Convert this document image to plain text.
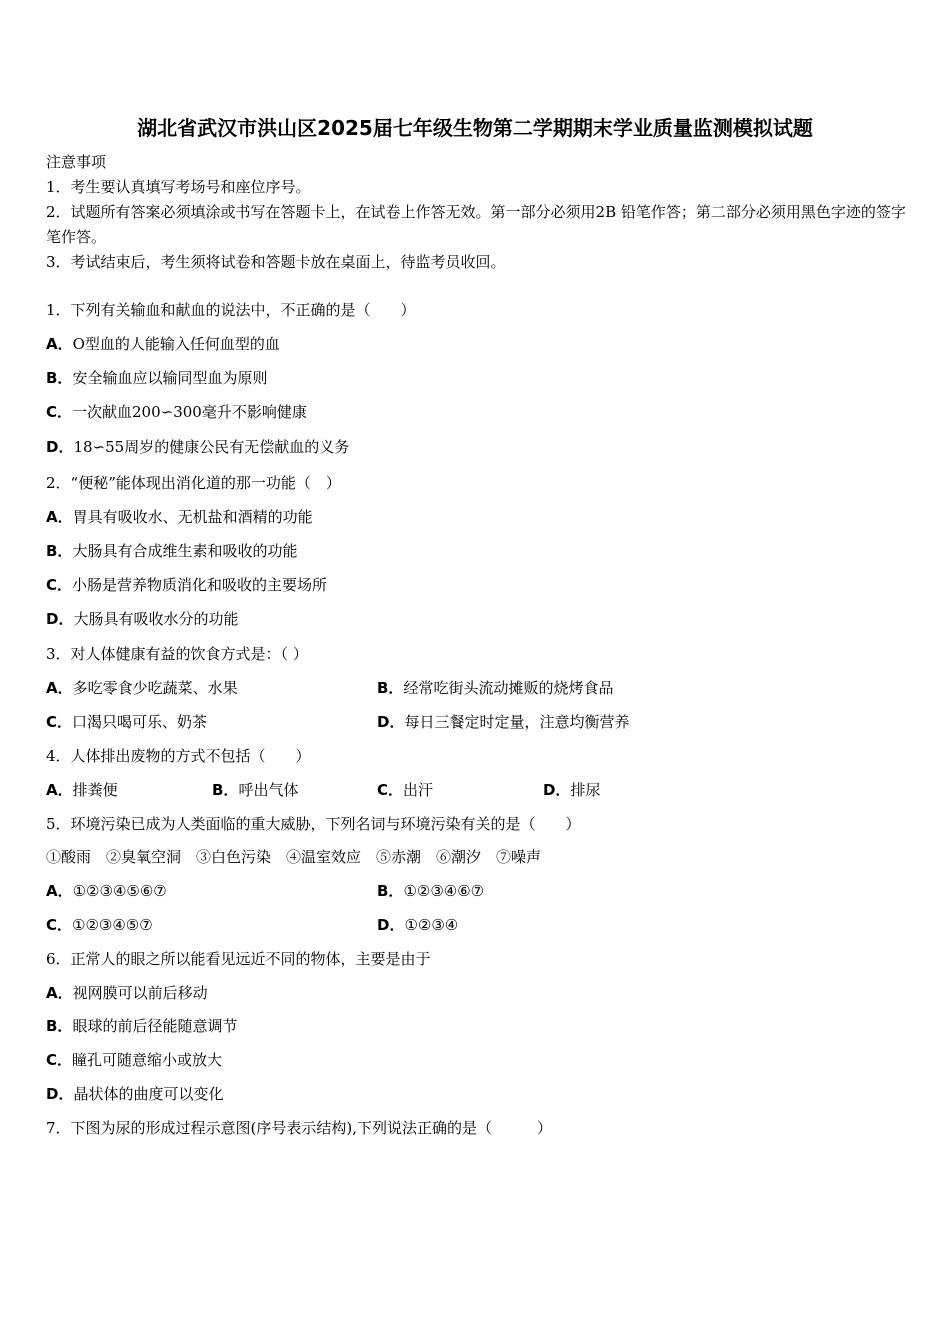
湖北省武汉市洪山区2025届七年级生物第二学期期末学业质量监测模拟试题
注意事项
1．考生要认真填写考场号和座位序号。
2．试题所有答案必须填涂或书写在答题卡上，在试卷上作答无效。第一部分必须用2B 铅笔作答；第二部分必须用黑色字迹的签字笔作答。
3．考试结束后，考生须将试卷和答题卡放在桌面上，待监考员收回。
1．下列有关输血和献血的说法中，不正确的是（　　）
A．O型血的人能输入任何血型的血
B．安全输血应以输同型血为原则
C．一次献血200∽300毫升不影响健康
D．18∽55周岁的健康公民有无偿献血的义务
2．“便秘”能体现出消化道的那一功能（　）
A．胃具有吸收水、无机盐和酒精的功能
B．大肠具有合成维生素和吸收的功能
C．小肠是营养物质消化和吸收的主要场所
D．大肠具有吸收水分的功能
3．对人体健康有益的饮食方式是：（ ）
A．多吃零食少吃蔬菜、水果	B．经常吃街头流动摊贩的烧烤食品
C．口渴只喝可乐、奶茶	D．每日三餐定时定量，注意均衡营养
4．人体排出废物的方式不包括（　　）
A．排粪便	B．呼出气体	C．出汗	D．排尿
5．环境污染已成为人类面临的重大威胁，下列名词与环境污染有关的是（　　）
①酸雨　②臭氧空洞　③白色污染　④温室效应　⑤赤潮　⑥潮汐　⑦噪声
A．①②③④⑤⑥⑦	B．①②③④⑥⑦
C．①②③④⑤⑦	D．①②③④
6．正常人的眼之所以能看见远近不同的物体，主要是由于
A．视网膜可以前后移动
B．眼球的前后径能随意调节
C．瞳孔可随意缩小或放大
D．晶状体的曲度可以变化
7．下图为尿的形成过程示意图(序号表示结构),下列说法正确的是（　　　）
